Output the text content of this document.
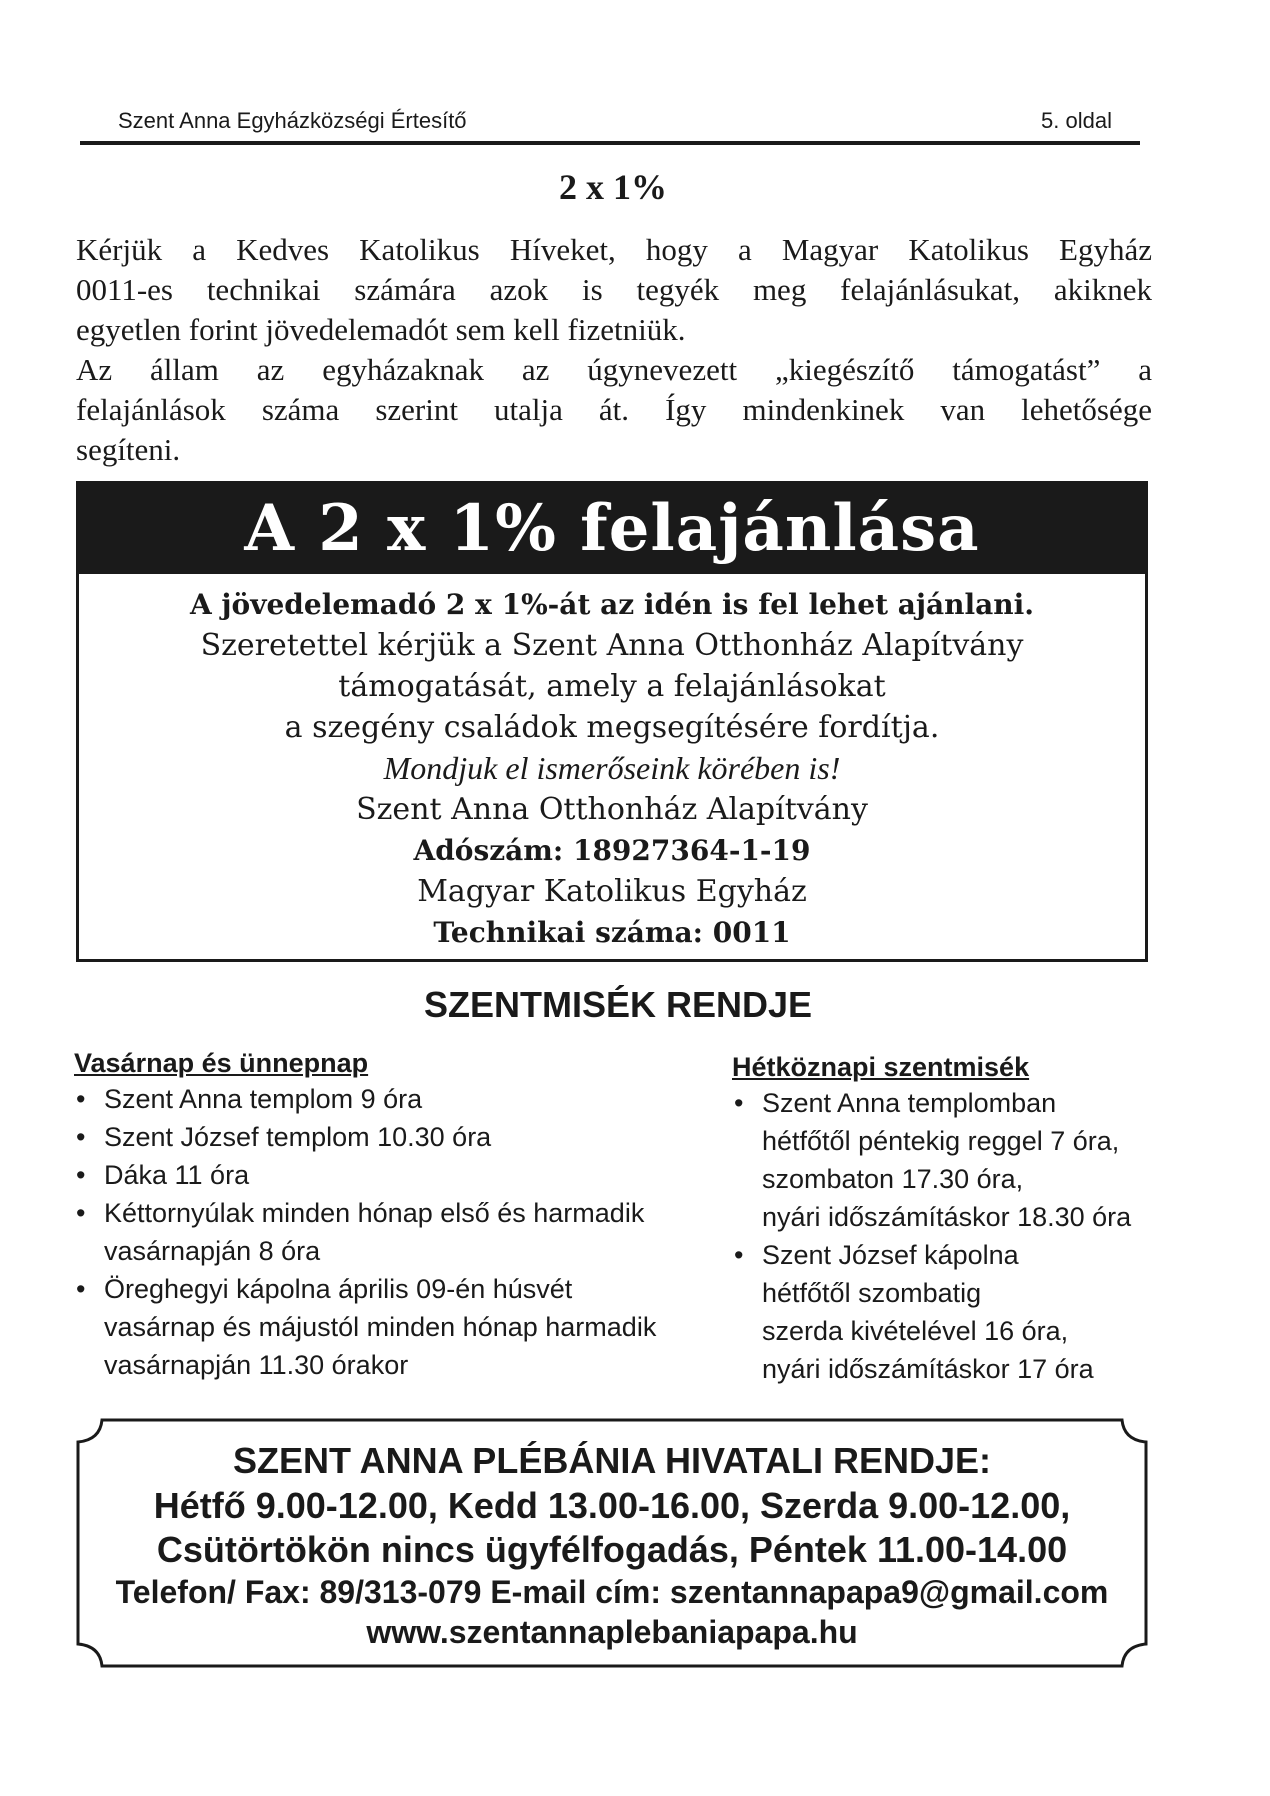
Szent Anna Egyházközségi Értesítő	5. oldal
2 x 1%

Kérjük a Kedves Katolikus Híveket, hogy a Magyar Katolikus Egyház

0011-es technikai számára azok is tegyék meg felajánlásukat, akiknek

egyetlen forint jövedelemadót sem kell fizetniük.

Az állam az egyházaknak az úgynevezett „kiegészítő támogatást” a

felajánlások száma szerint utalja át. Így mindenkinek van lehetősége

segíteni.

A 2 x 1% felajánlása
A jövedelemadó 2 x 1%-át az idén is fel lehet ajánlani.
Szeretettel kérjük a Szent Anna Otthonház Alapítvány
támogatását, amely a felajánlásokat
a szegény családok megsegítésére fordítja.
Mondjuk el ismerőseink körében is!
Szent Anna Otthonház Alapítvány
Adószám: 18927364-1-19
Magyar Katolikus Egyház
Technikai száma: 0011
SZENTMISÉK RENDJE
Vasárnap és ünnepnap
• Szent Anna templom 9 óra
• Szent József templom 10.30 óra
• Dáka 11 óra
• Kéttornyúlak minden hónap első és harmadik
vasárnapján 8 óra
• Öreghegyi kápolna április 09-én húsvét
vasárnap és májustól minden hónap harmadik
vasárnapján 11.30 órakor
Hétköznapi szentmisék
• Szent Anna templomban
hétfőtől péntekig reggel 7 óra,
szombaton 17.30 óra,
nyári időszámításkor 18.30 óra
• Szent József kápolna
hétfőtől szombatig
szerda kivételével 16 óra,
nyári időszámításkor 17 óra
SZENT ANNA PLÉBÁNIA HIVATALI RENDJE:
Hétfő 9.00-12.00, Kedd 13.00-16.00, Szerda 9.00-12.00,
Csütörtökön nincs ügyfélfogadás, Péntek 11.00-14.00
Telefon/ Fax: 89/313-079 E-mail cím: szentannapapa9@gmail.com
www.szentannaplebaniapapa.hu
